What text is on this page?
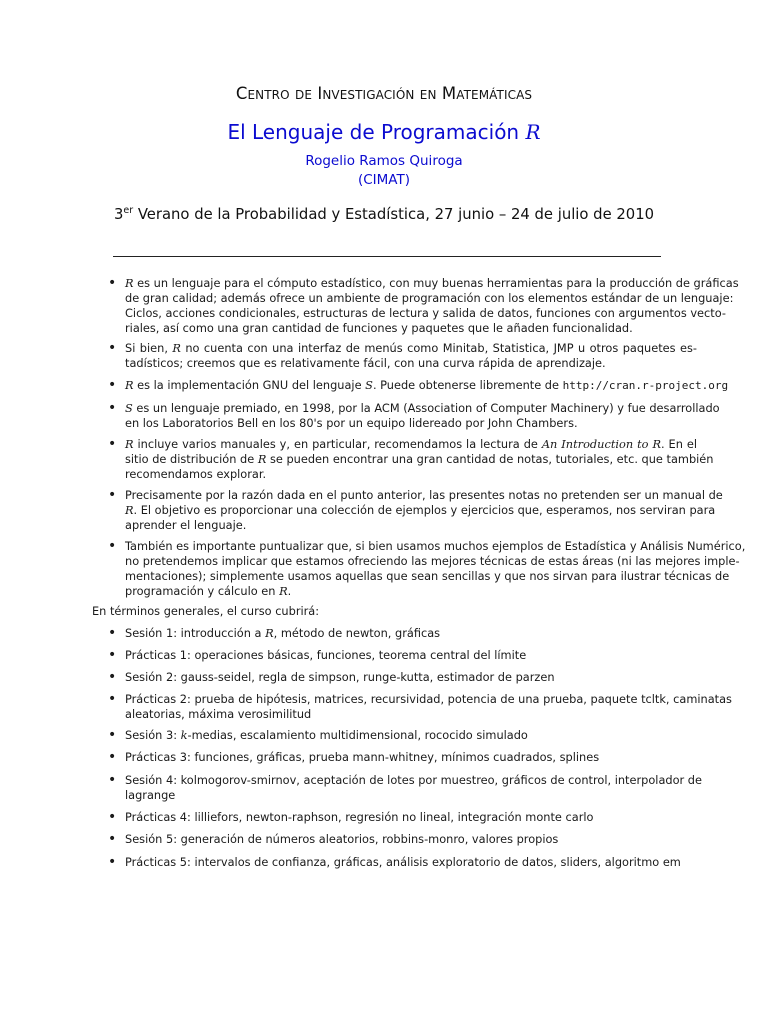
Centro de Investigación en Matemáticas
El Lenguaje de Programación R
Rogelio Ramos Quiroga
(CIMAT)
3er Verano de la Probabilidad y Estadística, 27 junio – 24 de julio de 2010
• R es un lenguaje para el cómputo estadístico, con muy buenas herramientas para la producción de gráficas
de gran calidad; además ofrece un ambiente de programación con los elementos estándar de un lenguaje:
Ciclos, acciones condicionales, estructuras de lectura y salida de datos, funciones con argumentos vecto-
riales, así como una gran cantidad de funciones y paquetes que le añaden funcionalidad.
• Si bien, R no cuenta con una interfaz de menús como Minitab, Statistica, JMP u otros paquetes es-
tadísticos; creemos que es relativamente fácil, con una curva rápida de aprendizaje.
• R es la implementación GNU del lenguaje S. Puede obtenerse libremente de http://cran.r-project.org
• S es un lenguaje premiado, en 1998, por la ACM (Association of Computer Machinery) y fue desarrollado
en los Laboratorios Bell en los 80's por un equipo lidereado por John Chambers.
• R incluye varios manuales y, en particular, recomendamos la lectura de An Introduction to R. En el
sitio de distribución de R se pueden encontrar una gran cantidad de notas, tutoriales, etc. que también
recomendamos explorar.
• Precisamente por la razón dada en el punto anterior, las presentes notas no pretenden ser un manual de
R. El objetivo es proporcionar una colección de ejemplos y ejercicios que, esperamos, nos serviran para
aprender el lenguaje.
• También es importante puntualizar que, si bien usamos muchos ejemplos de Estadística y Análisis Numérico,
no pretendemos implicar que estamos ofreciendo las mejores técnicas de estas áreas (ni las mejores imple-
mentaciones); simplemente usamos aquellas que sean sencillas y que nos sirvan para ilustrar técnicas de
programación y cálculo en R.
En términos generales, el curso cubrirá:
• Sesión 1: introducción a R, método de newton, gráficas
• Prácticas 1: operaciones básicas, funciones, teorema central del límite
• Sesión 2: gauss-seidel, regla de simpson, runge-kutta, estimador de parzen
• Prácticas 2: prueba de hipótesis, matrices, recursividad, potencia de una prueba, paquete tcltk, caminatas
aleatorias, máxima verosimilitud
• Sesión 3: k-medias, escalamiento multidimensional, rococido simulado
• Prácticas 3: funciones, gráficas, prueba mann-whitney, mínimos cuadrados, splines
• Sesión 4: kolmogorov-smirnov, aceptación de lotes por muestreo, gráficos de control, interpolador de
lagrange
• Prácticas 4: lilliefors, newton-raphson, regresión no lineal, integración monte carlo
• Sesión 5: generación de números aleatorios, robbins-monro, valores propios
• Prácticas 5: intervalos de confianza, gráficas, análisis exploratorio de datos, sliders, algoritmo em
